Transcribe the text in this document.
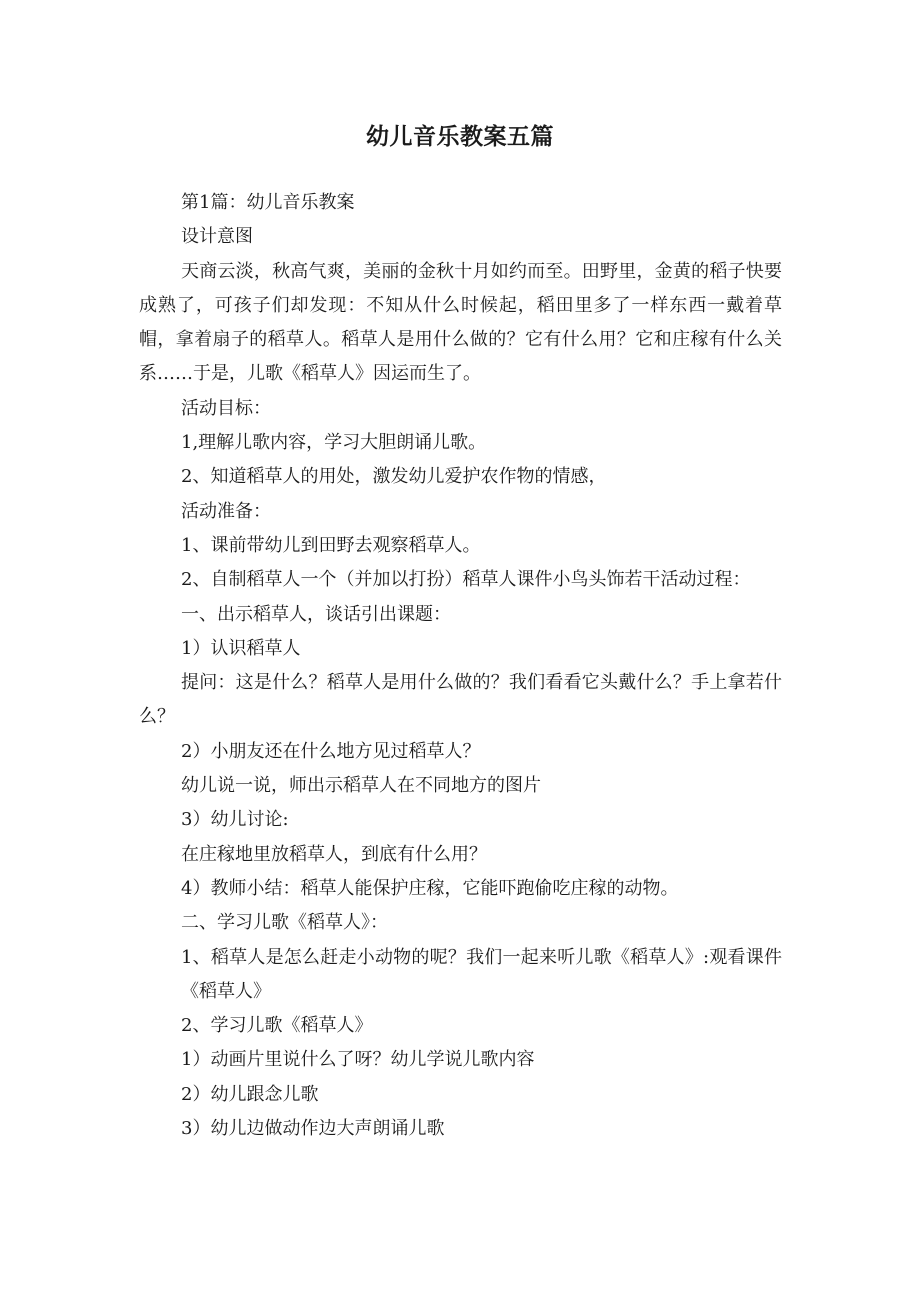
幼儿音乐教案五篇

第1篇：幼儿音乐教案

设计意图

天商云淡，秋高气爽，美丽的金秋十月如约而至。田野里，金黄的稻子快要成熟了，可孩子们却发现：不知从什么时候起，稻田里多了一样东西一戴着草帽，拿着扇子的稻草人。稻草人是用什么做的？它有什么用？它和庄稼有什么关系……于是，儿歌《稻草人》因运而生了。

活动目标：

1,理解儿歌内容，学习大胆朗诵儿歌。

2、知道稻草人的用处，激发幼儿爱护农作物的情感，

活动准备：

1、课前带幼儿到田野去观察稻草人。

2、自制稻草人一个（并加以打扮）稻草人课件小鸟头饰若干活动过程：

一、出示稻草人，谈话引出课题：

1）认识稻草人

提问：这是什么？稻草人是用什么做的？我们看看它头戴什么？手上拿若什么？

2）小朋友还在什么地方见过稻草人？

幼儿说一说，师出示稻草人在不同地方的图片

3）幼儿讨论:

在庄稼地里放稻草人，到底有什么用？

4）教师小结：稻草人能保护庄稼，它能吓跑偷吃庄稼的动物。

二、学习儿歌《稻草人》：

1、稻草人是怎么赶走小动物的呢？我们一起来听儿歌《稻草人》:观看课件《稻草人》

2、学习儿歌《稻草人》

1）动画片里说什么了呀？幼儿学说儿歌内容

2）幼儿跟念儿歌

3）幼儿边做动作边大声朗诵儿歌
